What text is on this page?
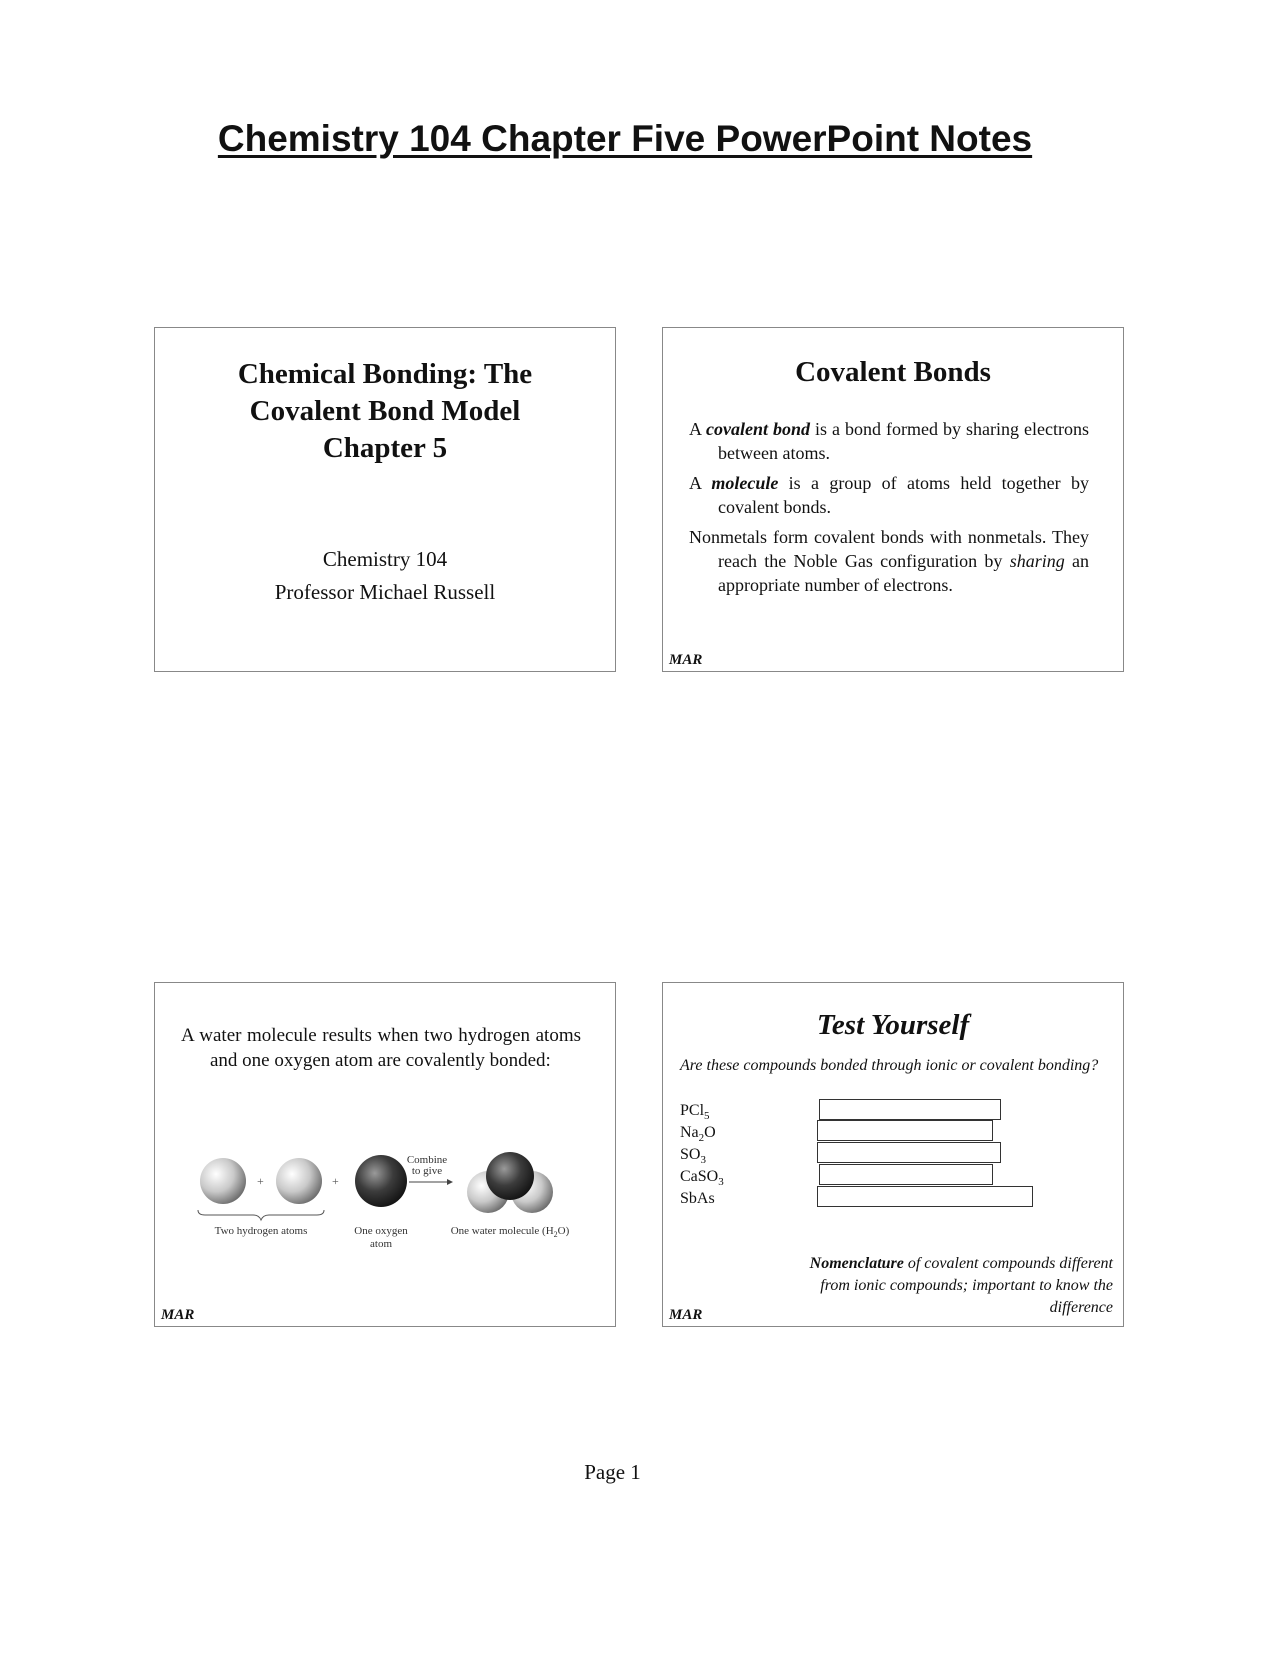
Chemistry 104 Chapter Five PowerPoint Notes
Chemical Bonding: The
Covalent Bond Model
Chapter 5
Chemistry 104
Professor Michael Russell
Covalent Bonds

A covalent bond is a bond formed by sharing electrons between atoms.

A molecule is a group of atoms held together by covalent bonds.

Nonmetals form covalent bonds with nonmetals. They reach the Noble Gas configuration by sharing an appropriate number of electrons.

MAR

A water molecule results when two hydrogen atoms and one oxygen atom are covalently bonded:

+	+
Combine
to give
Two hydrogen atoms	One oxygen
atom
One water molecule $(H_2O)$
MAR
Test Yourself
Are these compounds bonded through ionic or covalent bonding?
PCl$_5$
$Na_2O$
$SO_3$
CaSO$_3$
SbAs
Nomenclature of covalent compounds different from ionic compounds; important to know the difference
MAR
Page 1
